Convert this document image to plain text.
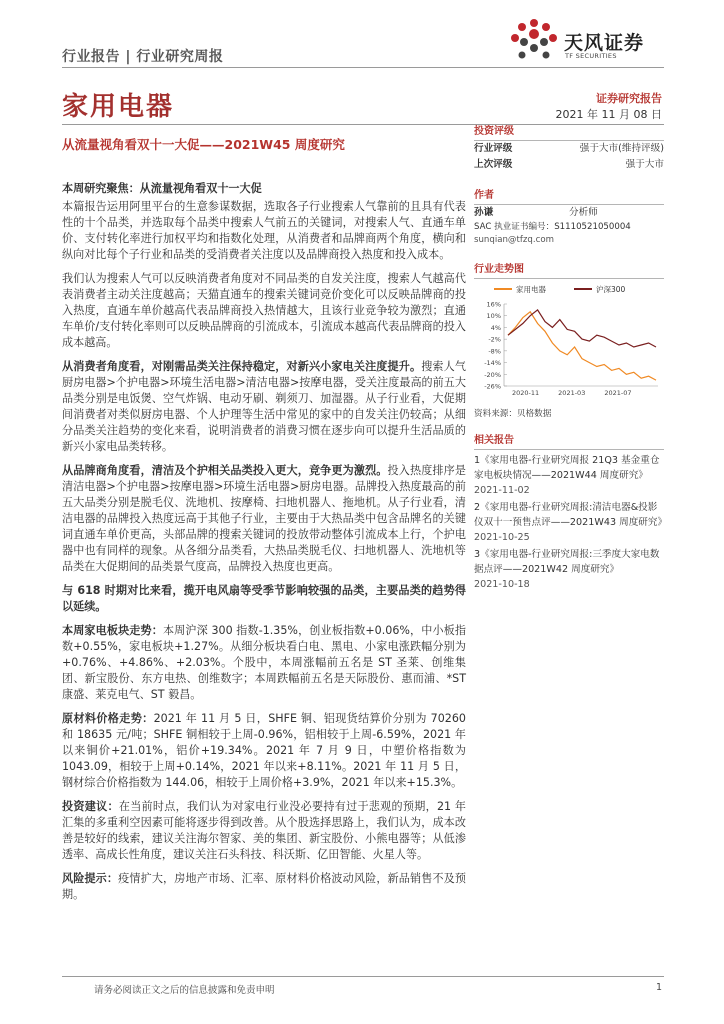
行业报告 | 行业研究周报
天风证券
TF SECURITIES
家用电器	证券研究报告
2021 年 11 月 08 日
从流量视角看双十一大促——2021W45 周度研究

本周研究聚焦：从流量视角看双十一大促

本篇报告运用阿里平台的生意参谋数据，选取各子行业搜索人气靠前的且具有代表性的十个品类，并选取每个品类中搜索人气前五的关键词，对搜索人气、直通车单价、支付转化率进行加权平均和指数化处理，从消费者和品牌商两个角度，横向和纵向对比每个子行业和品类的受消费者关注度以及品牌商投入热度和投入成本。

我们认为搜索人气可以反映消费者角度对不同品类的自发关注度，搜索人气越高代表消费者主动关注度越高；天猫直通车的搜索关键词竞价变化可以反映品牌商的投入热度，直通车单价越高代表品牌商投入热情越大，且该行业竞争较为激烈；直通车单价/支付转化率则可以反映品牌商的引流成本，引流成本越高代表品牌商的投入成本越高。

从消费者角度看，对刚需品类关注保持稳定，对新兴小家电关注度提升。搜索人气厨房电器>个护电器>环境生活电器>清洁电器>按摩电器，受关注度最高的前五大品类分别是电饭煲、空气炸锅、电动牙刷、剃须刀、加湿器。从子行业看，大促期间消费者对类似厨房电器、个人护理等生活中常见的家中的自发关注仍较高；从细分品类关注趋势的变化来看，说明消费者的消费习惯在逐步向可以提升生活品质的新兴小家电品类转移。

从品牌商角度看，清洁及个护相关品类投入更大，竞争更为激烈。投入热度排序是清洁电器>个护电器>按摩电器>环境生活电器>厨房电器。品牌投入热度最高的前五大品类分别是脱毛仪、洗地机、按摩椅、扫地机器人、拖地机。从子行业看，清洁电器的品牌投入热度远高于其他子行业，主要由于大热品类中包含品牌名的关键词直通车单价更高，头部品牌的搜索关键词的投放带动整体引流成本上行，个护电器中也有同样的现象。从各细分品类看，大热品类脱毛仪、扫地机器人、洗地机等品类在大促期间的品类景气度高，品牌投入热度也更高。

与 618 时期对比来看，揽开电风扇等受季节影响较强的品类，主要品类的趋势得以延续。

本周家电板块走势：本周沪深 300 指数-1.35%，创业板指数+0.06%，中小板指数+0.55%，家电板块+1.27%。从细分板块看白电、黑电、小家电涨跌幅分别为+0.76%、+4.86%、+2.03%。个股中，本周涨幅前五名是 ST 圣莱、创维集团、新宝股份、东方电热、创维数字；本周跌幅前五名是天际股份、惠而浦、*ST 康盛、莱克电气、ST 毅昌。

原材料价格走势：2021 年 11 月 5 日，SHFE 铜、铝现货结算价分别为 70260 和 18635 元/吨；SHFE 铜相较于上周-0.96%，铝相较于上周-6.59%，2021 年以来铜价+21.01%，铝价+19.34%。2021 年 7 月 9 日，中塑价格指数为 1043.09，相较于上周+0.14%，2021 年以来+8.11%。2021 年 11 月 5 日，钢材综合价格指数为 144.06，相较于上周价格+3.9%，2021 年以来+15.3%。

投资建议：在当前时点，我们认为对家电行业没必要持有过于悲观的预期，21 年汇集的多重利空因素可能将逐步得到改善。从个股选择思路上，我们认为，成本改善是较好的线索，建议关注海尔智家、美的集团、新宝股份、小熊电器等；从低渗透率、高成长性角度，建议关注石头科技、科沃斯、亿田智能、火星人等。

风险提示：疫情扩大，房地产市场、汇率、原材料价格波动风险，新品销售不及预期。

投资评级
行业评级	强于大市(维持评级)
上次评级	强于大市
作者
孙谦	分析师
SAC 执业证书编号：S1110521050004
sunqian@tfzq.com
行业走势图
家用电器	沪深300
16%
10%
4%
-2%
-8%
-14%
-20%
-26%
2020-11	2021-03	2021-07
资料来源：贝格数据
相关报告
1《家用电器-行业研究周报 21Q3 基金重仓家电板块情况——2021W44 周度研究》
2021-11-02
2《家用电器-行业研究周报:清洁电器&投影仪双十一预售点评——2021W43 周度研究》
2021-10-25
3《家用电器-行业研究周报:三季度大家电数据点评——2021W42 周度研究》
2021-10-18
请务必阅读正文之后的信息披露和免责申明	1
